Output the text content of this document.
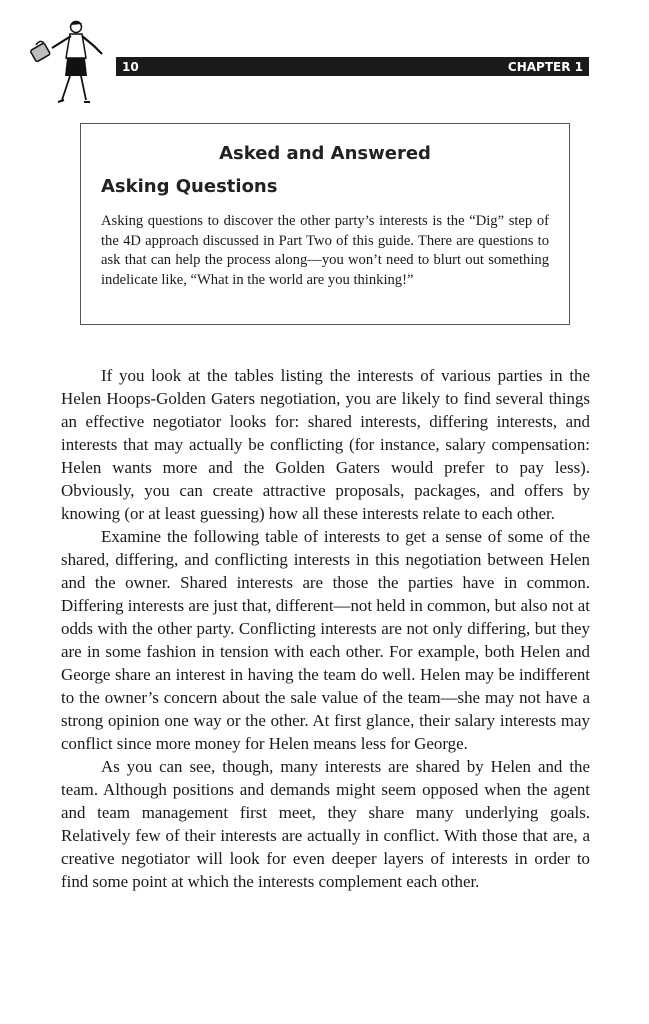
10	CHAPTER 1
Asked and Answered
Asking Questions

Asking questions to discover the other party’s interests is the “Dig” step of the 4D approach discussed in Part Two of this guide. There are questions to ask that can help the process along—you won’t need to blurt out something indelicate like, “What in the world are you thinking!”

If you look at the tables listing the interests of various parties in the Helen Hoops-Golden Gaters negotiation, you are likely to find several things an effective negotiator looks for: shared interests, differing interests, and interests that may actually be conflicting (for instance, salary compensation: Helen wants more and the Golden Gaters would prefer to pay less). Obviously, you can create attractive proposals, packages, and offers by knowing (or at least guessing) how all these interests relate to each other.

Examine the following table of interests to get a sense of some of the shared, differing, and conflicting interests in this negotiation between Helen and the owner. Shared interests are those the parties have in common. Differing interests are just that, different—not held in common, but also not at odds with the other party. Conflicting interests are not only differing, but they are in some fashion in tension with each other. For example, both Helen and George share an interest in having the team do well. Helen may be indifferent to the owner’s concern about the sale value of the team—she may not have a strong opinion one way or the other. At first glance, their salary interests may conflict since more money for Helen means less for George.

As you can see, though, many interests are shared by Helen and the team. Although positions and demands might seem opposed when the agent and team management first meet, they share many underlying goals. Relatively few of their interests are actually in conflict. With those that are, a creative negotiator will look for even deeper layers of interests in order to find some point at which the interests complement each other.
